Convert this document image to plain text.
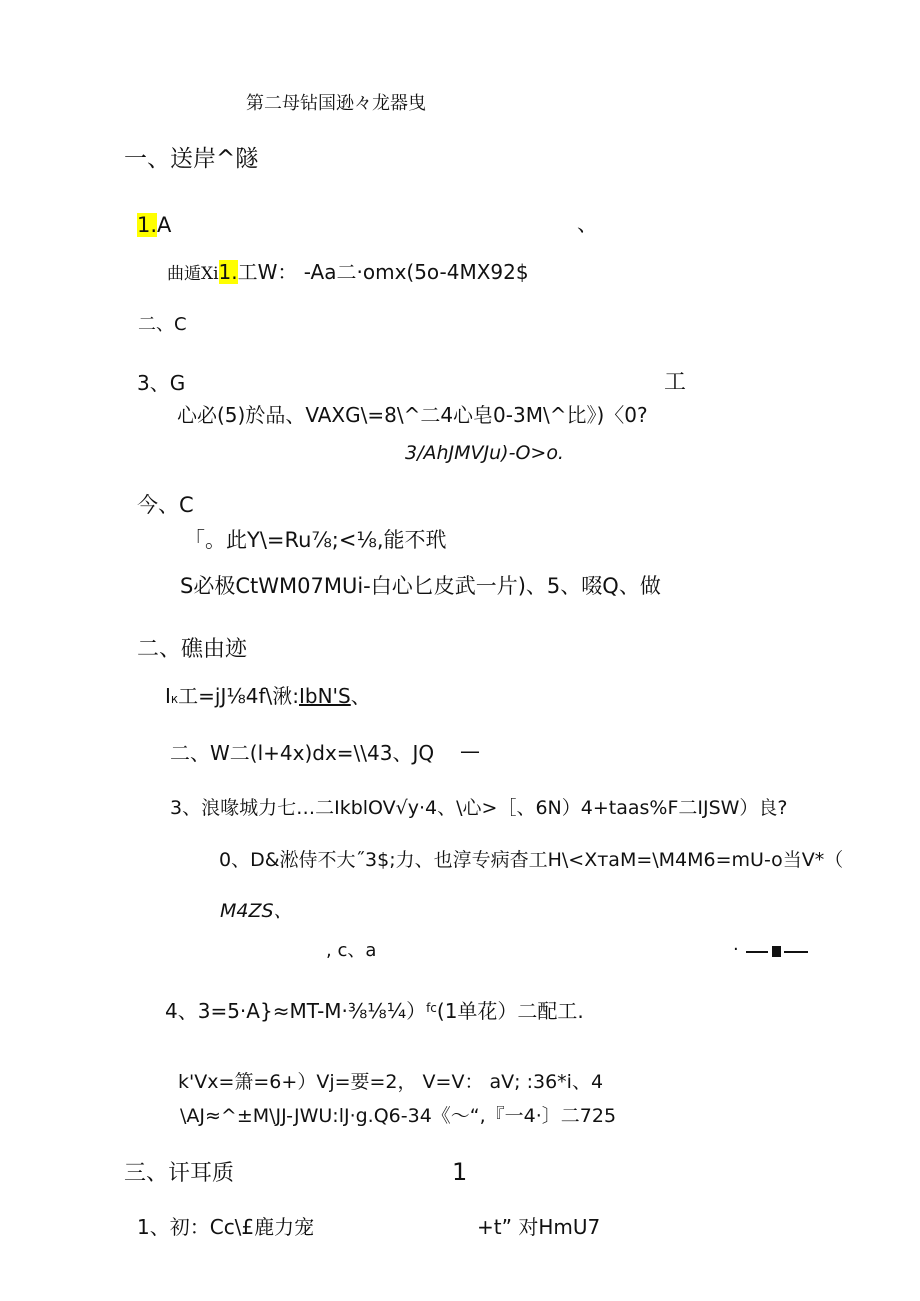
第二母钻国逊々龙器曳
一、送岸^隧
1.A	、
曲遁Xi1.工W： -Aa二·omx(5o-4MX92$
二、C
3、G	工
心必(5)於品、VAXG\=8\^二4心皂0-3M\^比》)〈0?
3/AhJMVJu)-O>o.
今、C
「。此Y\=Ru⅞;<⅛,能不玳
S必极CtWM07MUi-白心匕皮武一片)、5、啜Q、做
二、礁由迹
Iк工=jJ⅛4f\湫:IbN'S、
二、W二(l+4x)dx=\\43、JQ —
3、浪喙城力七…二IkblOV√y·4、\心>［、6N）4+taas%F二IJSW）良?
0、D&淞侍不大˝3$;力、也淳专病杳工H\<XтaM=\M4M6=mU-o当V*（
M4ZS、
, c、a	·
4、3=5·A}≈MT-M·⅜⅛¼）$^{fc}$(1单花）二配工.
k'Vx=箫=6+）Vj=要=2， V=V： aV; :36*i、4
\AJ≈^±M\JJ-JWU:lJ·g.Q6-34《～“,『一4·〕二725
三、讦耳质	1
1、初：Cc\£鹿力宠	+t” 对HmU7
